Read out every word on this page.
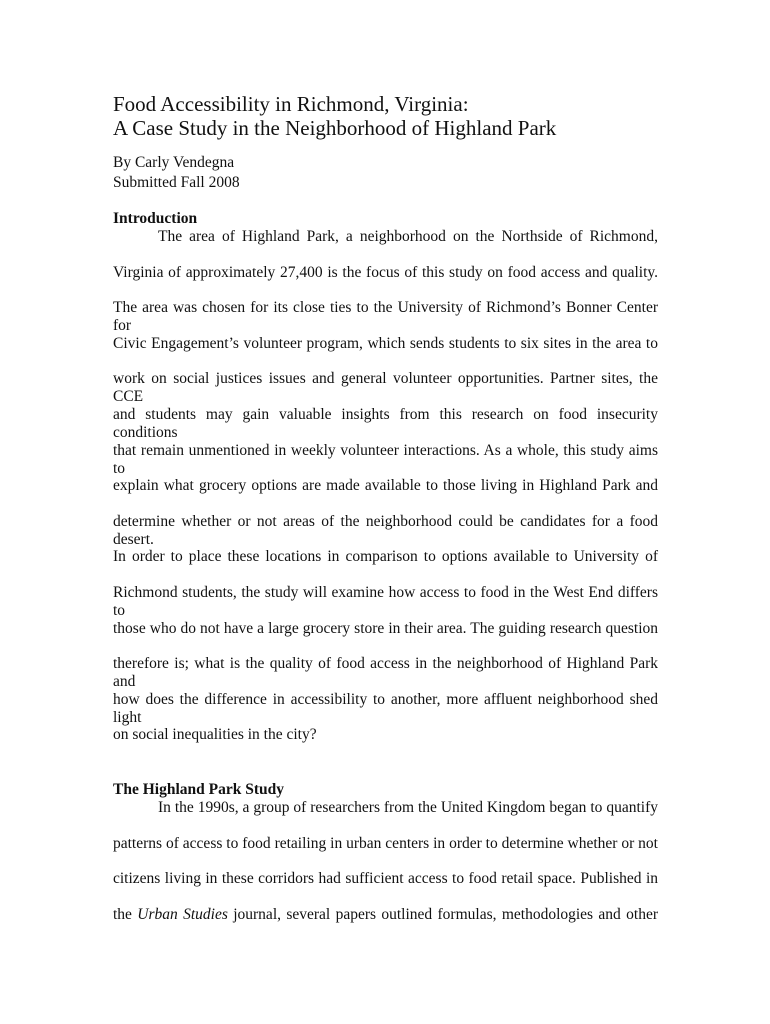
Food Accessibility in Richmond, Virginia:
A Case Study in the Neighborhood of Highland Park
By Carly Vendegna
Submitted Fall 2008
Introduction
The area of Highland Park, a neighborhood on the Northside of Richmond,
Virginia of approximately 27,400 is the focus of this study on food access and quality.
The area was chosen for its close ties to the University of Richmond’s Bonner Center for
Civic Engagement’s volunteer program, which sends students to six sites in the area to
work on social justices issues and general volunteer opportunities. Partner sites, the CCE
and students may gain valuable insights from this research on food insecurity conditions
that remain unmentioned in weekly volunteer interactions. As a whole, this study aims to
explain what grocery options are made available to those living in Highland Park and
determine whether or not areas of the neighborhood could be candidates for a food desert.
In order to place these locations in comparison to options available to University of
Richmond students, the study will examine how access to food in the West End differs to
those who do not have a large grocery store in their area. The guiding research question
therefore is; what is the quality of food access in the neighborhood of Highland Park and
how does the difference in accessibility to another, more affluent neighborhood shed light
on social inequalities in the city?
The Highland Park Study
In the 1990s, a group of researchers from the United Kingdom began to quantify
patterns of access to food retailing in urban centers in order to determine whether or not
citizens living in these corridors had sufficient access to food retail space. Published in
the Urban Studies journal, several papers outlined formulas, methodologies and other
